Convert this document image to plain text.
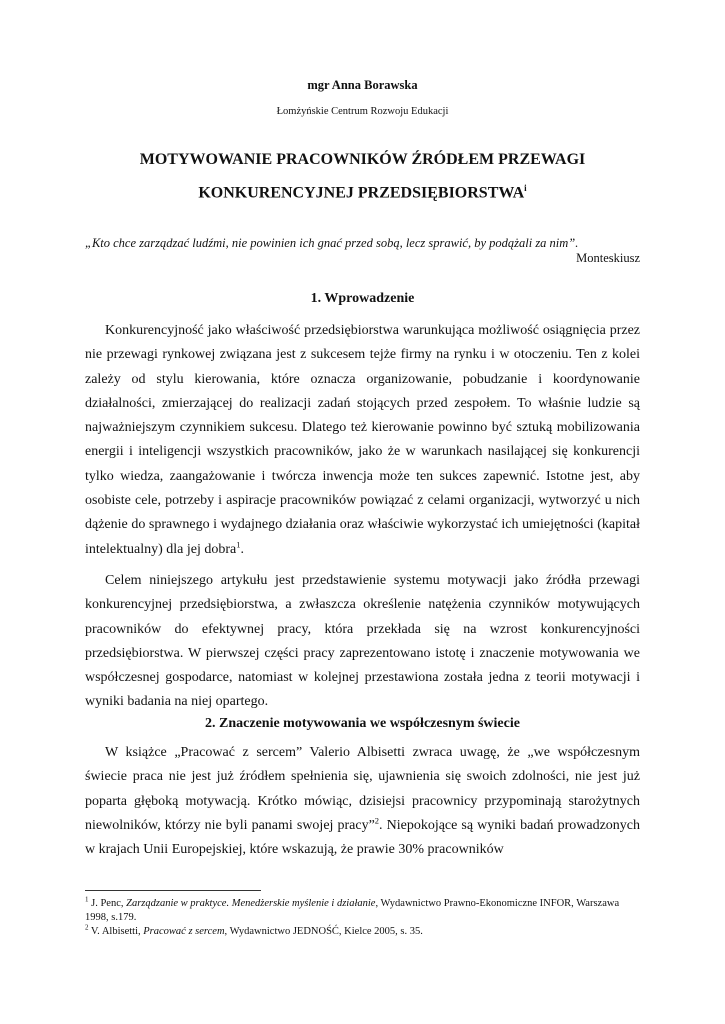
mgr Anna Borawska
Łomżyńskie Centrum Rozwoju Edukacji
MOTYWOWANIE PRACOWNIKÓW ŹRÓDŁEM PRZEWAGI
KONKURENCYJNEJ PRZEDSIĘBIORSTWA$^i$
„Kto chce zarządzać ludźmi, nie powinien ich gnać przed sobą, lecz sprawić, by podążali za nim”.
Monteskiusz
1. Wprowadzenie

Konkurencyjność jako właściwość przedsiębiorstwa warunkująca możliwość osiągnięcia przez nie przewagi rynkowej związana jest z sukcesem tejże firmy na rynku i w otoczeniu. Ten z kolei zależy od stylu kierowania, które oznacza organizowanie, pobudzanie i koordynowanie działalności, zmierzającej do realizacji zadań stojących przed zespołem. To właśnie ludzie są najważniejszym czynnikiem sukcesu. Dlatego też kierowanie powinno być sztuką mobilizowania energii i inteligencji wszystkich pracowników, jako że w warunkach nasilającej się konkurencji tylko wiedza, zaangażowanie i twórcza inwencja może ten sukces zapewnić. Istotne jest, aby osobiste cele, potrzeby i aspiracje pracowników powiązać z celami organizacji, wytworzyć u nich dążenie do sprawnego i wydajnego działania oraz właściwie wykorzystać ich umiejętności (kapitał intelektualny) dla jej dobra$^1$.

Celem niniejszego artykułu jest przedstawienie systemu motywacji jako źródła przewagi konkurencyjnej przedsiębiorstwa, a zwłaszcza określenie natężenia czynników motywujących pracowników do efektywnej pracy, która przekłada się na wzrost konkurencyjności przedsiębiorstwa. W pierwszej części pracy zaprezentowano istotę i znaczenie motywowania we współczesnej gospodarce, natomiast w kolejnej przestawiona została jedna z teorii motywacji i wyniki badania na niej opartego.

2. Znaczenie motywowania we współczesnym świecie

W książce „Pracować z sercem” Valerio Albisetti zwraca uwagę, że „we współczesnym świecie praca nie jest już źródłem spełnienia się, ujawnienia się swoich zdolności, nie jest już poparta głęboką motywacją. Krótko mówiąc, dzisiejsi pracownicy przypominają starożytnych niewolników, którzy nie byli panami swojej pracy”$^2$. Niepokojące są wyniki badań prowadzonych w krajach Unii Europejskiej, które wskazują, że prawie 30% pracowników

$^1$ J. Penc, Zarządzanie w praktyce. Menedżerskie myślenie i działanie, Wydawnictwo Prawno-Ekonomiczne INFOR, Warszawa 1998, s.179.

$^2$ V. Albisetti, Pracować z sercem, Wydawnictwo JEDNOŚĆ, Kielce 2005, s. 35.
